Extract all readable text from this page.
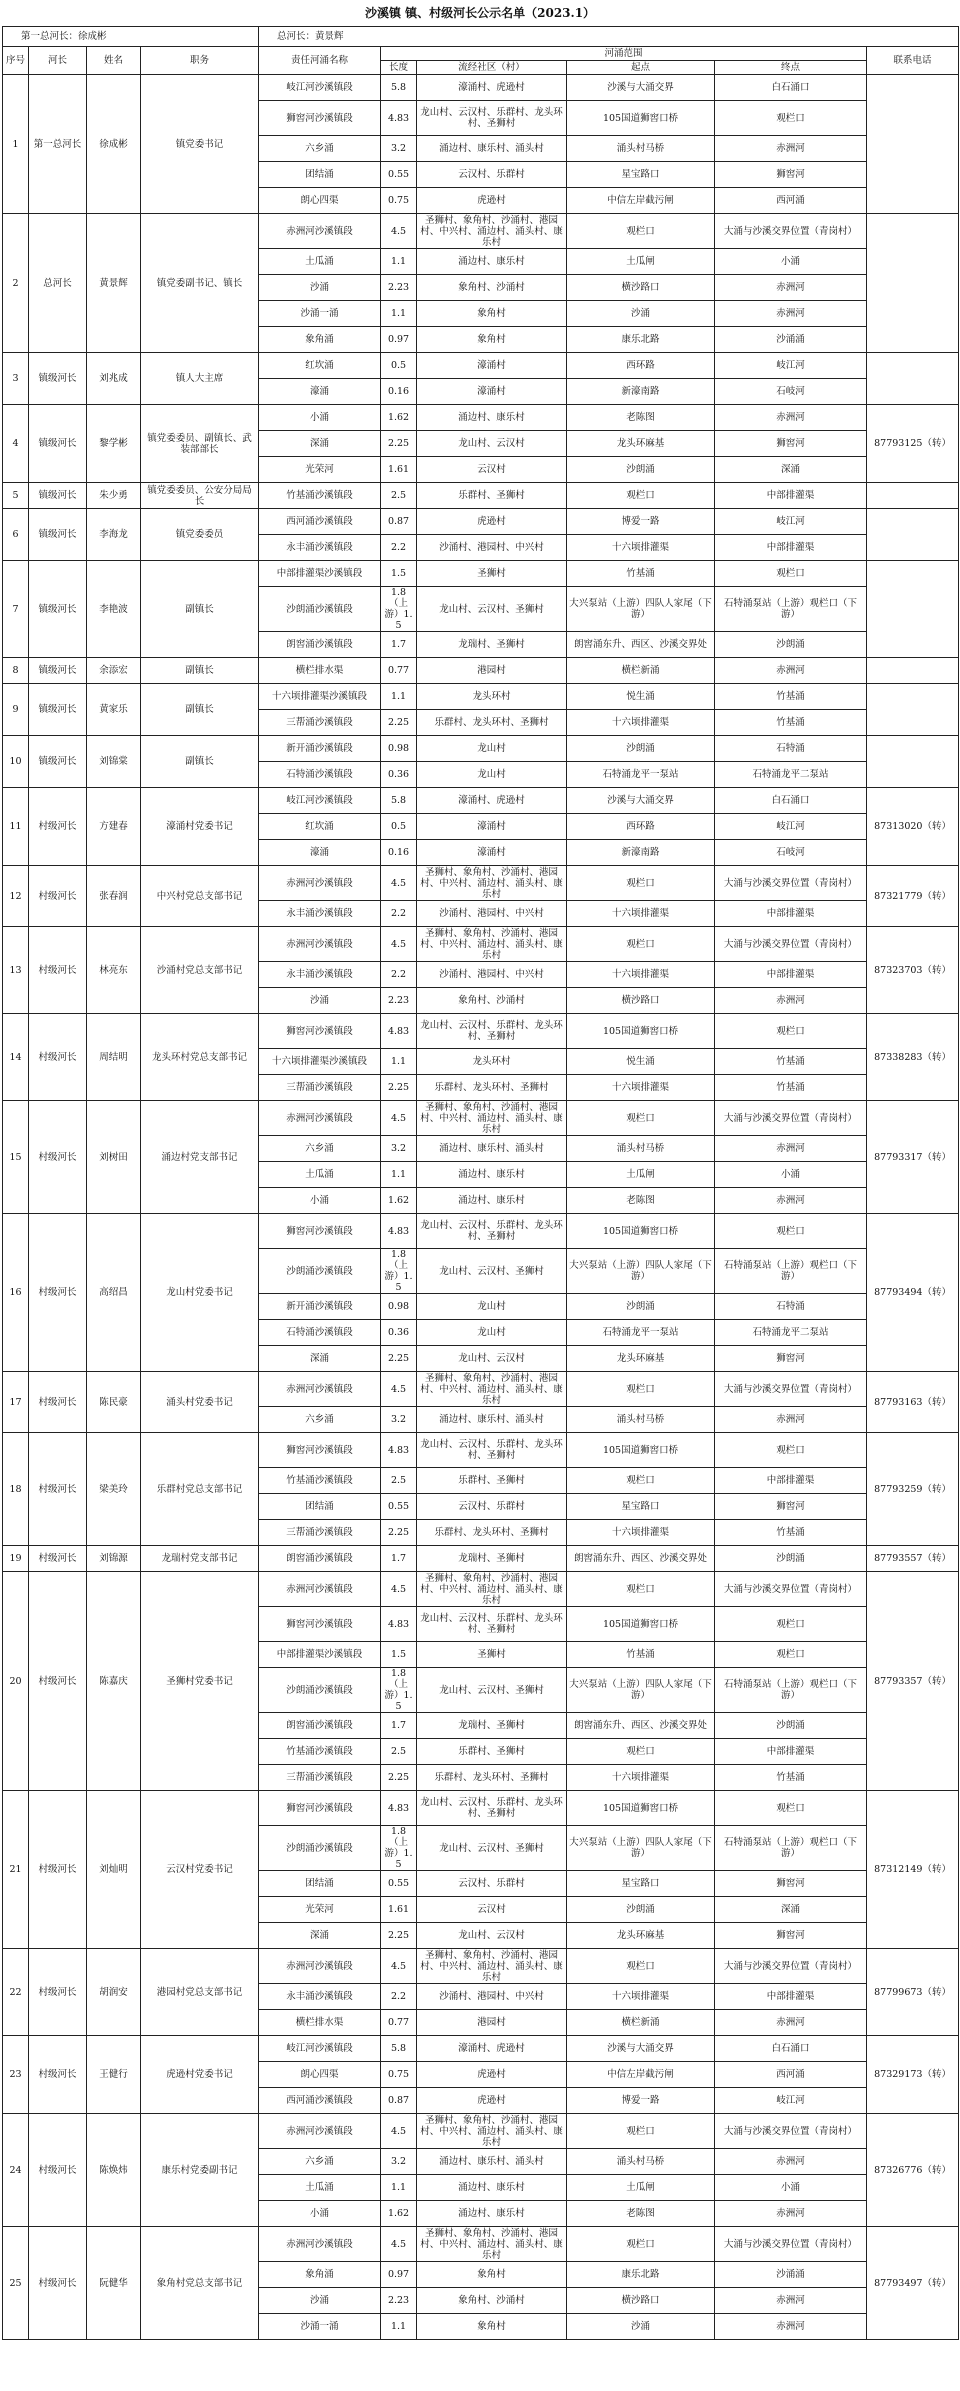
沙溪镇 镇、村级河长公示名单（2023.1）
第一总河长：徐成彬				总河长：黄景辉					
序号	河长	姓名	职务	责任河涌名称	河涌范围				联系电话
					长度	流经社区（村）	起点	终点	
1	第一总河长	徐成彬	镇党委书记	岐江河沙溪镇段	5.8	濠涌村、虎逊村	沙溪与大涌交界	白石涌口	
				狮窖河沙溪镇段	4.83	龙山村、云汉村、乐群村、龙头环村、圣狮村	105国道狮窖口桥	观栏口	
				六乡涌	3.2	涌边村、康乐村、涌头村	涌头村马桥	赤洲河	
				团结涌	0.55	云汉村、乐群村	星宝路口	狮窖河	
				朗心四渠	0.75	虎逊村	中信左岸截污闸	西河涌	
2	总河长	黄景辉	镇党委副书记、镇长	赤洲河沙溪镇段	4.5	圣狮村、象角村、沙涌村、港园村、中兴村、涌边村、涌头村、康乐村	观栏口	大涌与沙溪交界位置（青岗村）	
				土瓜涌	1.1	涌边村、康乐村	土瓜闸	小涌	
				沙涌	2.23	象角村、沙涌村	横沙路口	赤洲河	
				沙涌一涌	1.1	象角村	沙涌	赤洲河	
				象角涌	0.97	象角村	康乐北路	沙涌涌	
3	镇级河长	刘兆成	镇人大主席	红坎涌	0.5	濠涌村	西环路	岐江河	
				濠涌	0.16	濠涌村	新濠南路	石岐河	
4	镇级河长	黎学彬	镇党委委员、副镇长、武装部部长	小涌	1.62	涌边村、康乐村	老陈图	赤洲河	87793125（转）
				深涌	2.25	龙山村、云汉村	龙头环麻基	狮窖河	
				光荣河	1.61	云汉村	沙朗涌	深涌	
5	镇级河长	朱少勇	镇党委委员、公安分局局长	竹基涌沙溪镇段	2.5	乐群村、圣狮村	观栏口	中部排灌渠	
6	镇级河长	李海龙	镇党委委员	西河涌沙溪镇段	0.87	虎逊村	博爱一路	岐江河	
				永丰涌沙溪镇段	2.2	沙涌村、港园村、中兴村	十六顷排灌渠	中部排灌渠	
7	镇级河长	李艳波	副镇长	中部排灌渠沙溪镇段	1.5	圣狮村	竹基涌	观栏口	
				沙朗涌沙溪镇段	1.8（上游）1.5	龙山村、云汉村、圣狮村	大兴泵站（上游）四队人家尾（下游）	石特涌泵站（上游）观栏口（下游）	
				朗窖涌沙溪镇段	1.7	龙瑞村、圣狮村	朗窖涌东升、西区、沙溪交界处	沙朗涌	
8	镇级河长	余添宏	副镇长	横栏排水渠	0.77	港园村	横栏新涌	赤洲河	
9	镇级河长	黄家乐	副镇长	十六顷排灌渠沙溪镇段	1.1	龙头环村	悦生涌	竹基涌	
				三帮涌沙溪镇段	2.25	乐群村、龙头环村、圣狮村	十六顷排灌渠	竹基涌	
10	镇级河长	刘锦棠	副镇长	新开涌沙溪镇段	0.98	龙山村	沙朗涌	石特涌	
				石特涌沙溪镇段	0.36	龙山村	石特涌龙平一泵站	石特涌龙平二泵站	
11	村级河长	方建春	濠涌村党委书记	岐江河沙溪镇段	5.8	濠涌村、虎逊村	沙溪与大涌交界	白石涌口	87313020（转）
				红坎涌	0.5	濠涌村	西环路	岐江河	
				濠涌	0.16	濠涌村	新濠南路	石岐河	
12	村级河长	张春润	中兴村党总支部书记	赤洲河沙溪镇段	4.5	圣狮村、象角村、沙涌村、港园村、中兴村、涌边村、涌头村、康乐村	观栏口	大涌与沙溪交界位置（青岗村）	87321779（转）
				永丰涌沙溪镇段	2.2	沙涌村、港园村、中兴村	十六顷排灌渠	中部排灌渠	
13	村级河长	林亮东	沙涌村党总支部书记	赤洲河沙溪镇段	4.5	圣狮村、象角村、沙涌村、港园村、中兴村、涌边村、涌头村、康乐村	观栏口	大涌与沙溪交界位置（青岗村）	87323703（转）
				永丰涌沙溪镇段	2.2	沙涌村、港园村、中兴村	十六顷排灌渠	中部排灌渠	
				沙涌	2.23	象角村、沙涌村	横沙路口	赤洲河	
14	村级河长	周结明	龙头环村党总支部书记	狮窖河沙溪镇段	4.83	龙山村、云汉村、乐群村、龙头环村、圣狮村	105国道狮窖口桥	观栏口	87338283（转）
				十六顷排灌渠沙溪镇段	1.1	龙头环村	悦生涌	竹基涌	
				三帮涌沙溪镇段	2.25	乐群村、龙头环村、圣狮村	十六顷排灌渠	竹基涌	
15	村级河长	刘树田	涌边村党支部书记	赤洲河沙溪镇段	4.5	圣狮村、象角村、沙涌村、港园村、中兴村、涌边村、涌头村、康乐村	观栏口	大涌与沙溪交界位置（青岗村）	87793317（转）
				六乡涌	3.2	涌边村、康乐村、涌头村	涌头村马桥	赤洲河	
				土瓜涌	1.1	涌边村、康乐村	土瓜闸	小涌	
				小涌	1.62	涌边村、康乐村	老陈图	赤洲河	
16	村级河长	高绍昌	龙山村党委书记	狮窖河沙溪镇段	4.83	龙山村、云汉村、乐群村、龙头环村、圣狮村	105国道狮窖口桥	观栏口	87793494（转）
				沙朗涌沙溪镇段	1.8（上游）1.5	龙山村、云汉村、圣狮村	大兴泵站（上游）四队人家尾（下游）	石特涌泵站（上游）观栏口（下游）	
				新开涌沙溪镇段	0.98	龙山村	沙朗涌	石特涌	
				石特涌沙溪镇段	0.36	龙山村	石特涌龙平一泵站	石特涌龙平二泵站	
				深涌	2.25	龙山村、云汉村	龙头环麻基	狮窖河	
17	村级河长	陈民豪	涌头村党委书记	赤洲河沙溪镇段	4.5	圣狮村、象角村、沙涌村、港园村、中兴村、涌边村、涌头村、康乐村	观栏口	大涌与沙溪交界位置（青岗村）	87793163（转）
				六乡涌	3.2	涌边村、康乐村、涌头村	涌头村马桥	赤洲河	
18	村级河长	梁美玲	乐群村党总支部书记	狮窖河沙溪镇段	4.83	龙山村、云汉村、乐群村、龙头环村、圣狮村	105国道狮窖口桥	观栏口	87793259（转）
				竹基涌沙溪镇段	2.5	乐群村、圣狮村	观栏口	中部排灌渠	
				团结涌	0.55	云汉村、乐群村	星宝路口	狮窖河	
				三帮涌沙溪镇段	2.25	乐群村、龙头环村、圣狮村	十六顷排灌渠	竹基涌	
19	村级河长	刘锦源	龙瑞村党支部书记	朗窖涌沙溪镇段	1.7	龙瑞村、圣狮村	朗窖涌东升、西区、沙溪交界处	沙朗涌	87793557（转）
20	村级河长	陈嘉庆	圣狮村党委书记	赤洲河沙溪镇段	4.5	圣狮村、象角村、沙涌村、港园村、中兴村、涌边村、涌头村、康乐村	观栏口	大涌与沙溪交界位置（青岗村）	87793357（转）
				狮窖河沙溪镇段	4.83	龙山村、云汉村、乐群村、龙头环村、圣狮村	105国道狮窖口桥	观栏口	
				中部排灌渠沙溪镇段	1.5	圣狮村	竹基涌	观栏口	
				沙朗涌沙溪镇段	1.8（上游）1.5	龙山村、云汉村、圣狮村	大兴泵站（上游）四队人家尾（下游）	石特涌泵站（上游）观栏口（下游）	
				朗窖涌沙溪镇段	1.7	龙瑞村、圣狮村	朗窖涌东升、西区、沙溪交界处	沙朗涌	
				竹基涌沙溪镇段	2.5	乐群村、圣狮村	观栏口	中部排灌渠	
				三帮涌沙溪镇段	2.25	乐群村、龙头环村、圣狮村	十六顷排灌渠	竹基涌	
21	村级河长	刘灿明	云汉村党委书记	狮窖河沙溪镇段	4.83	龙山村、云汉村、乐群村、龙头环村、圣狮村	105国道狮窖口桥	观栏口	87312149（转）
				沙朗涌沙溪镇段	1.8（上游）1.5	龙山村、云汉村、圣狮村	大兴泵站（上游）四队人家尾（下游）	石特涌泵站（上游）观栏口（下游）	
				团结涌	0.55	云汉村、乐群村	星宝路口	狮窖河	
				光荣河	1.61	云汉村	沙朗涌	深涌	
				深涌	2.25	龙山村、云汉村	龙头环麻基	狮窖河	
22	村级河长	胡润安	港园村党总支部书记	赤洲河沙溪镇段	4.5	圣狮村、象角村、沙涌村、港园村、中兴村、涌边村、涌头村、康乐村	观栏口	大涌与沙溪交界位置（青岗村）	87799673（转）
				永丰涌沙溪镇段	2.2	沙涌村、港园村、中兴村	十六顷排灌渠	中部排灌渠	
				横栏排水渠	0.77	港园村	横栏新涌	赤洲河	
23	村级河长	王健行	虎逊村党委书记	岐江河沙溪镇段	5.8	濠涌村、虎逊村	沙溪与大涌交界	白石涌口	87329173（转）
				朗心四渠	0.75	虎逊村	中信左岸截污闸	西河涌	
				西河涌沙溪镇段	0.87	虎逊村	博爱一路	岐江河	
24	村级河长	陈焕炜	康乐村党委副书记	赤洲河沙溪镇段	4.5	圣狮村、象角村、沙涌村、港园村、中兴村、涌边村、涌头村、康乐村	观栏口	大涌与沙溪交界位置（青岗村）	87326776（转）
				六乡涌	3.2	涌边村、康乐村、涌头村	涌头村马桥	赤洲河	
				土瓜涌	1.1	涌边村、康乐村	土瓜闸	小涌	
				小涌	1.62	涌边村、康乐村	老陈图	赤洲河	
25	村级河长	阮健华	象角村党总支部书记	赤洲河沙溪镇段	4.5	圣狮村、象角村、沙涌村、港园村、中兴村、涌边村、涌头村、康乐村	观栏口	大涌与沙溪交界位置（青岗村）	87793497（转）
				象角涌	0.97	象角村	康乐北路	沙涌涌	
				沙涌	2.23	象角村、沙涌村	横沙路口	赤洲河	
				沙涌一涌	1.1	象角村	沙涌	赤洲河	
